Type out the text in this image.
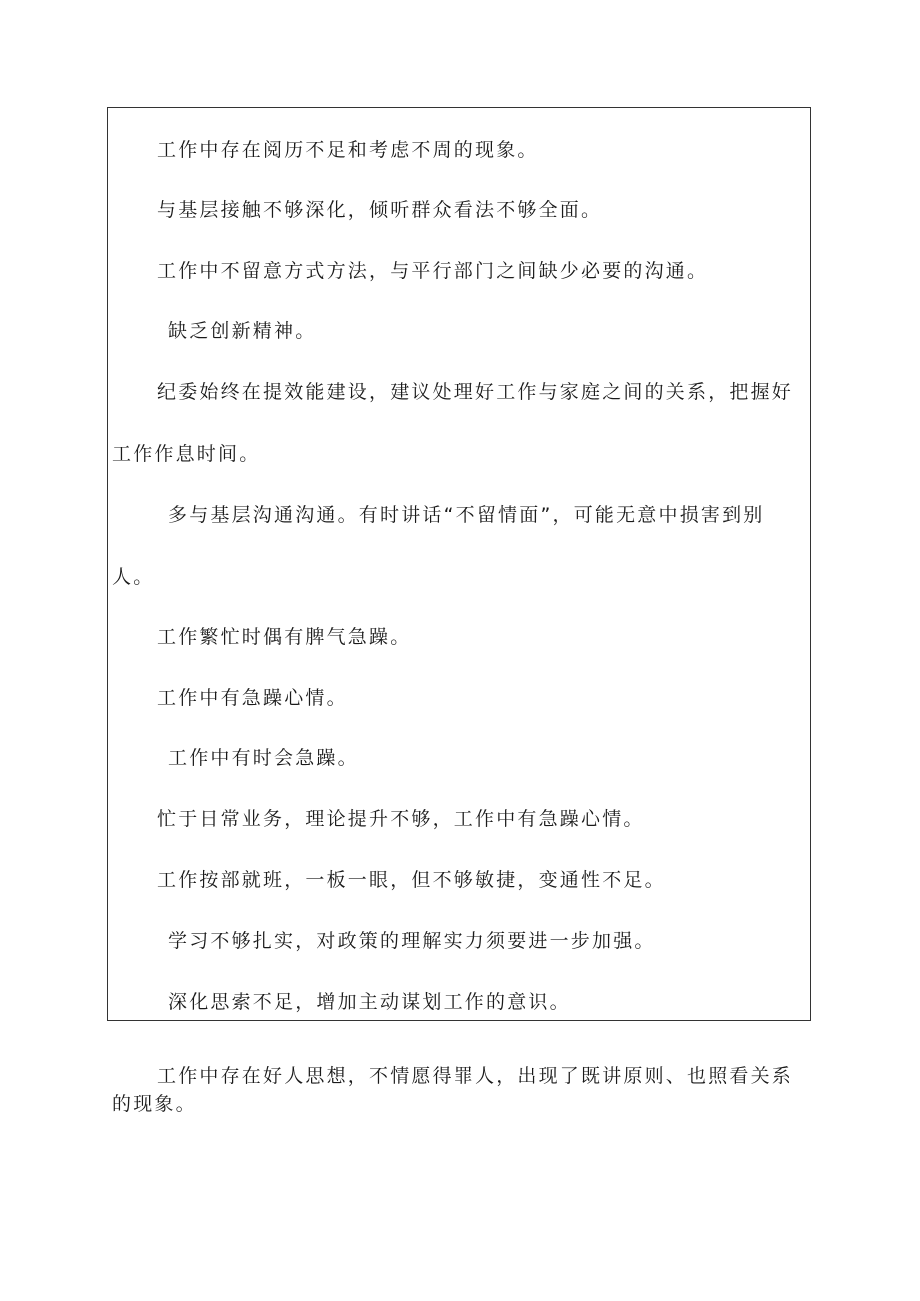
工作中存在阅历不足和考虑不周的现象。
与基层接触不够深化，倾听群众看法不够全面。
工作中不留意方式方法，与平行部门之间缺少必要的沟通。
缺乏创新精神。
纪委始终在提效能建设，建议处理好工作与家庭之间的关系，把握好
工作作息时间。
多与基层沟通沟通。有时讲话“不留情面”，可能无意中损害到别
人。
工作繁忙时偶有脾气急躁。
工作中有急躁心情。
工作中有时会急躁。
忙于日常业务，理论提升不够，工作中有急躁心情。
工作按部就班，一板一眼，但不够敏捷，变通性不足。
学习不够扎实，对政策的理解实力须要进一步加强。
深化思索不足，增加主动谋划工作的意识。
工作中存在好人思想，不情愿得罪人，出现了既讲原则、也照看关系的现象。
